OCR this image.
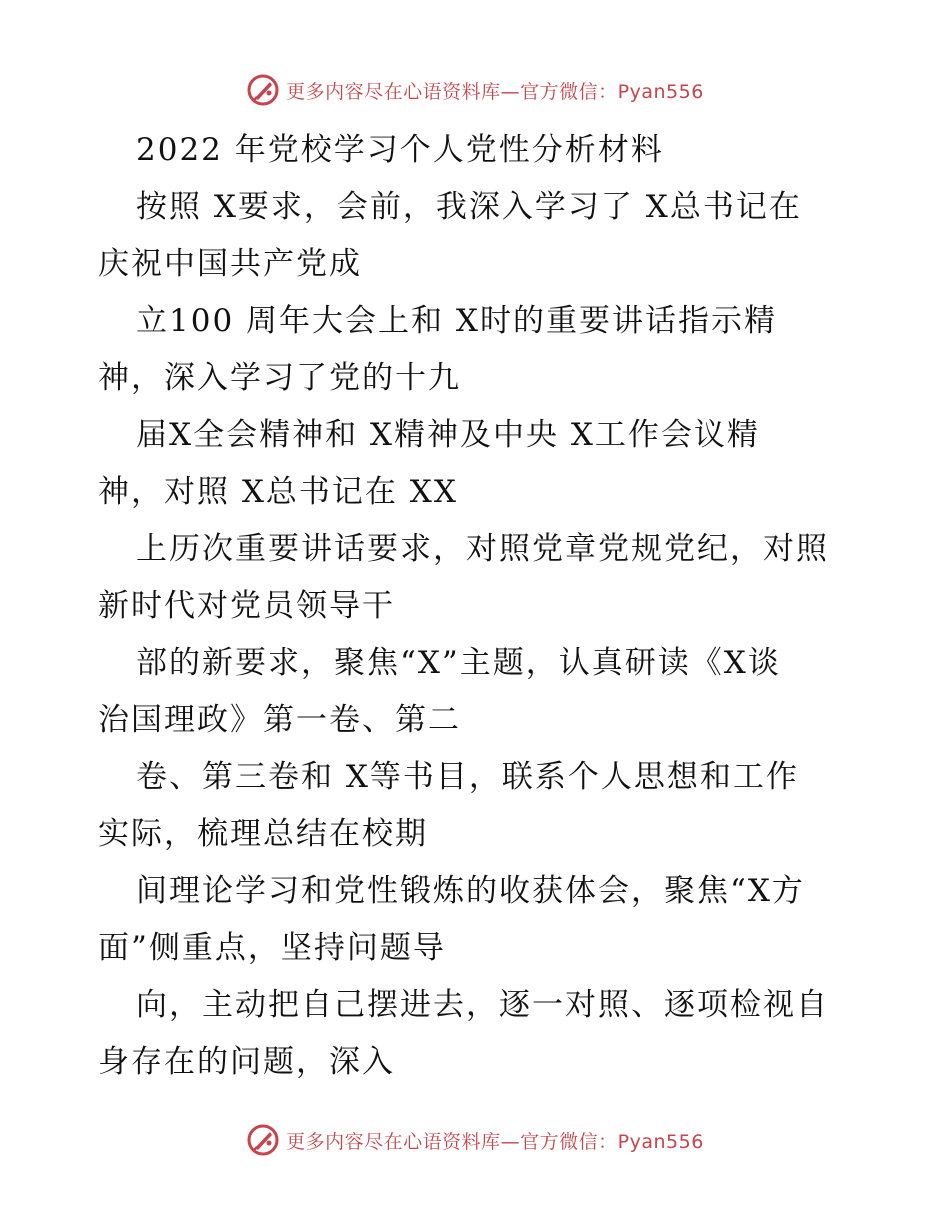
更多内容尽在心语资料库—官方微信：Pyan556
2022 年党校学习个人党性分析材料
按照 X要求，会前，我深入学习了 X总书记在
庆祝中国共产党成
立100 周年大会上和 X时的重要讲话指示精
神，深入学习了党的十九
届X全会精神和 X精神及中央 X工作会议精
神，对照 X总书记在 XX
上历次重要讲话要求，对照党章党规党纪，对照
新时代对党员领导干
部的新要求，聚焦“X”主题，认真研读《X谈
治国理政》第一卷、第二
卷、第三卷和 X等书目，联系个人思想和工作
实际，梳理总结在校期
间理论学习和党性锻炼的收获体会，聚焦“X方
面”侧重点，坚持问题导
向，主动把自己摆进去，逐一对照、逐项检视自
身存在的问题，深入
更多内容尽在心语资料库—官方微信：Pyan556
